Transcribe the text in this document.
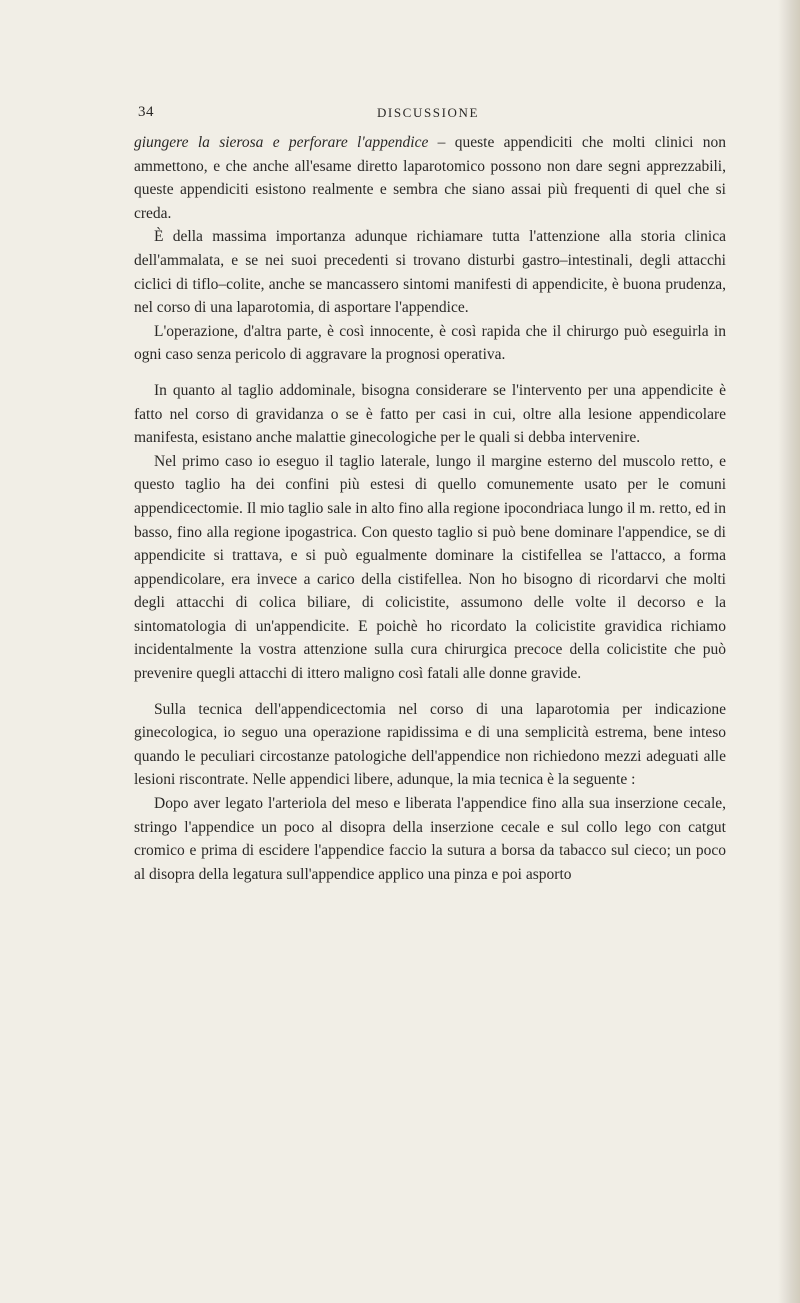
34	DISCUSSIONE

giungere la sierosa e perforare l'appendice – queste appendiciti che molti clinici non ammettono, e che anche all'esame diretto laparotomico possono non dare segni apprezzabili, queste appendiciti esistono realmente e sembra che siano assai più frequenti di quel che si creda.

È della massima importanza adunque richiamare tutta l'attenzione alla storia clinica dell'ammalata, e se nei suoi precedenti si trovano disturbi gastro–intestinali, degli attacchi ciclici di tiflo–colite, anche se mancassero sintomi manifesti di appendicite, è buona prudenza, nel corso di una laparotomia, di asportare l'appendice.

L'operazione, d'altra parte, è così innocente, è così rapida che il chirurgo può eseguirla in ogni caso senza pericolo di aggravare la prognosi operativa.

In quanto al taglio addominale, bisogna considerare se l'intervento per una appendicite è fatto nel corso di gravidanza o se è fatto per casi in cui, oltre alla lesione appendicolare manifesta, esistano anche malattie ginecologiche per le quali si debba intervenire.

Nel primo caso io eseguo il taglio laterale, lungo il margine esterno del muscolo retto, e questo taglio ha dei confini più estesi di quello comunemente usato per le comuni appendicectomie. Il mio taglio sale in alto fino alla regione ipocondriaca lungo il m. retto, ed in basso, fino alla regione ipogastrica. Con questo taglio si può bene dominare l'appendice, se di appendicite si trattava, e si può egualmente dominare la cistifellea se l'attacco, a forma appendicolare, era invece a carico della cistifellea. Non ho bisogno di ricordarvi che molti degli attacchi di colica biliare, di colicistite, assumono delle volte il decorso e la sintomatologia di un'appendicite. E poichè ho ricordato la colicistite gravidica richiamo incidentalmente la vostra attenzione sulla cura chirurgica precoce della colicistite che può prevenire quegli attacchi di ittero maligno così fatali alle donne gravide.

Sulla tecnica dell'appendicectomia nel corso di una laparotomia per indicazione ginecologica, io seguo una operazione rapidissima e di una semplicità estrema, bene inteso quando le peculiari circostanze patologiche dell'appendice non richiedono mezzi adeguati alle lesioni riscontrate. Nelle appendici libere, adunque, la mia tecnica è la seguente :

Dopo aver legato l'arteriola del meso e liberata l'appendice fino alla sua inserzione cecale, stringo l'appendice un poco al disopra della inserzione cecale e sul collo lego con catgut cromico e prima di escidere l'appendice faccio la sutura a borsa da tabacco sul cieco; un poco al disopra della legatura sull'appendice applico una pinza e poi asporto
